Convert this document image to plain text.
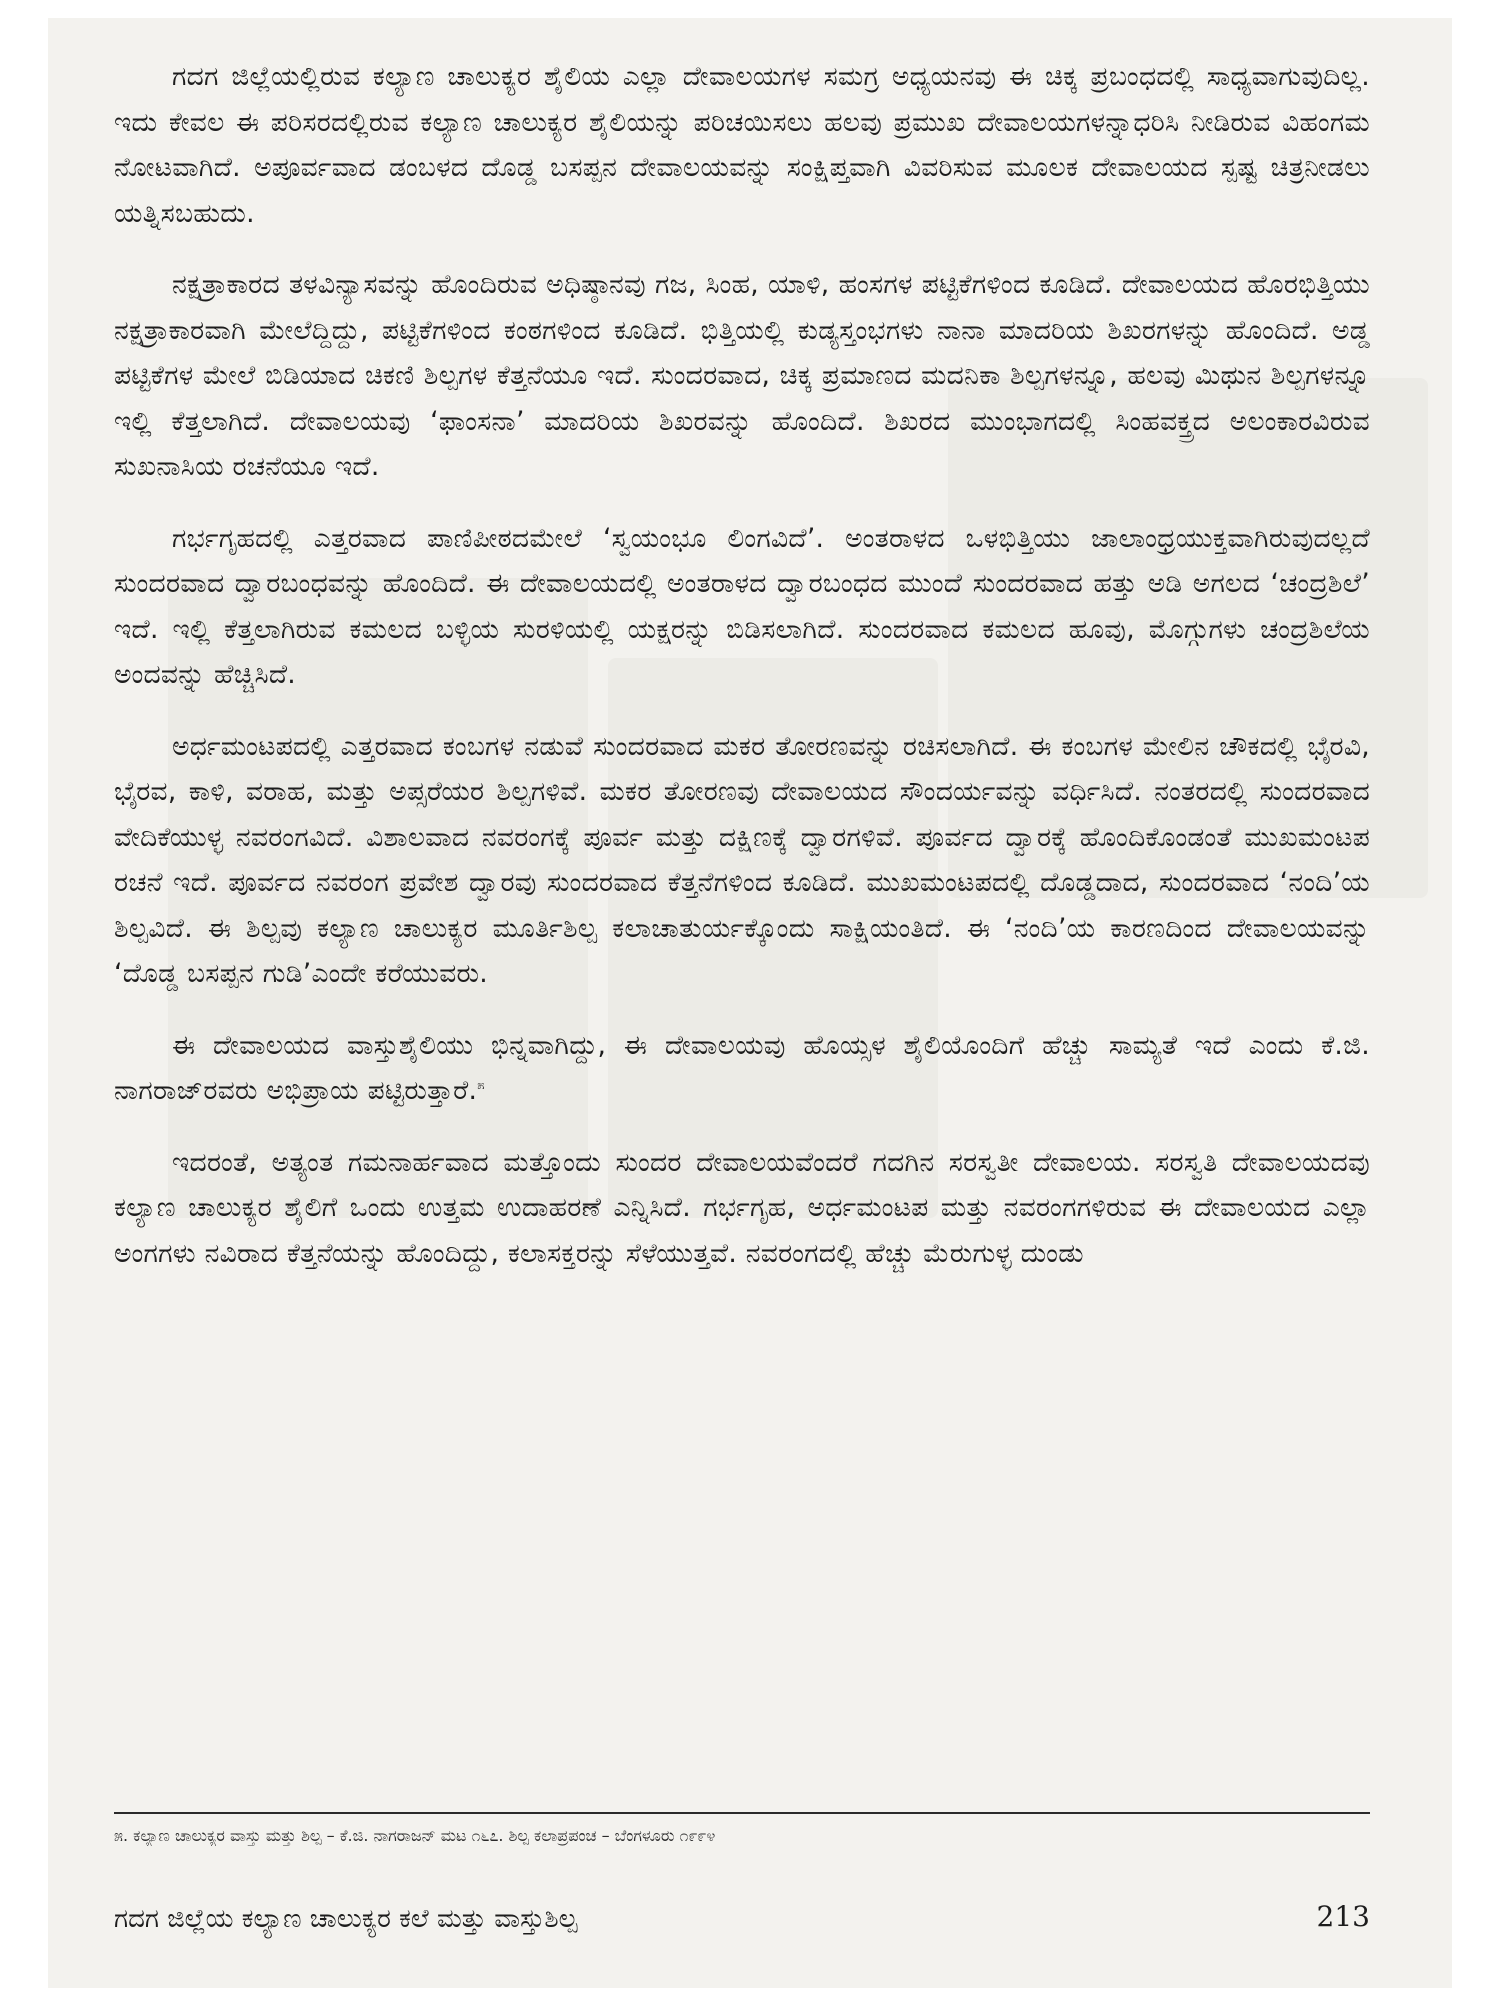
ಗದಗ ಜಿಲ್ಲೆಯಲ್ಲಿರುವ ಕಲ್ಯಾಣ ಚಾಲುಕ್ಯರ ಶೈಲಿಯ ಎಲ್ಲಾ ದೇವಾಲಯಗಳ ಸಮಗ್ರ ಅಧ್ಯಯನವು ಈ ಚಿಕ್ಕ ಪ್ರಬಂಧದಲ್ಲಿ ಸಾಧ್ಯವಾಗುವುದಿಲ್ಲ. ಇದು ಕೇವಲ ಈ ಪರಿಸರದಲ್ಲಿರುವ ಕಲ್ಯಾಣ ಚಾಲುಕ್ಯರ ಶೈಲಿಯನ್ನು ಪರಿಚಯಿಸಲು ಹಲವು ಪ್ರಮುಖ ದೇವಾಲಯಗಳನ್ನಾಧರಿಸಿ ನೀಡಿರುವ ವಿಹಂಗಮ ನೋಟವಾಗಿದೆ. ಅಪೂರ್ವವಾದ ಡಂಬಳದ ದೊಡ್ಡ ಬಸಪ್ಪನ ದೇವಾಲಯವನ್ನು ಸಂಕ್ಷಿಪ್ತವಾಗಿ ವಿವರಿಸುವ ಮೂಲಕ ದೇವಾಲಯದ ಸ್ಪಷ್ಟ ಚಿತ್ರನೀಡಲು ಯತ್ನಿಸಬಹುದು.

ನಕ್ಷತ್ರಾಕಾರದ ತಳವಿನ್ಯಾಸವನ್ನು ಹೊಂದಿರುವ ಅಧಿಷ್ಠಾನವು ಗಜ, ಸಿಂಹ, ಯಾಳಿ, ಹಂಸಗಳ ಪಟ್ಟಿಕೆಗಳಿಂದ ಕೂಡಿದೆ. ದೇವಾಲಯದ ಹೊರಭಿತ್ತಿಯು ನಕ್ಷತ್ರಾಕಾರವಾಗಿ ಮೇಲೆದ್ದಿದ್ದು, ಪಟ್ಟಿಕೆಗಳಿಂದ ಕಂಠಗಳಿಂದ ಕೂಡಿದೆ. ಭಿತ್ತಿಯಲ್ಲಿ ಕುಡ್ಯಸ್ತಂಭಗಳು ನಾನಾ ಮಾದರಿಯ ಶಿಖರಗಳನ್ನು ಹೊಂದಿದೆ. ಅಡ್ಡ ಪಟ್ಟಿಕೆಗಳ ಮೇಲೆ ಬಿಡಿಯಾದ ಚಿಕಣಿ ಶಿಲ್ಪಗಳ ಕೆತ್ತನೆಯೂ ಇದೆ. ಸುಂದರವಾದ, ಚಿಕ್ಕ ಪ್ರಮಾಣದ ಮದನಿಕಾ ಶಿಲ್ಪಗಳನ್ನೂ, ಹಲವು ಮಿಥುನ ಶಿಲ್ಪಗಳನ್ನೂ ಇಲ್ಲಿ ಕೆತ್ತಲಾಗಿದೆ. ದೇವಾಲಯವು ‘ಫಾಂಸನಾ’ ಮಾದರಿಯ ಶಿಖರವನ್ನು ಹೊಂದಿದೆ. ಶಿಖರದ ಮುಂಭಾಗದಲ್ಲಿ ಸಿಂಹವಕ್ತ್ರದ ಅಲಂಕಾರವಿರುವ ಸುಖನಾಸಿಯ ರಚನೆಯೂ ಇದೆ.

ಗರ್ಭಗೃಹದಲ್ಲಿ ಎತ್ತರವಾದ ಪಾಣಿಪೀಠದಮೇಲೆ ‘ಸ್ವಯಂಭೂ ಲಿಂಗವಿದೆ’. ಅಂತರಾಳದ ಒಳಭಿತ್ತಿಯು ಜಾಲಾಂಧ್ರಯುಕ್ತವಾಗಿರುವುದಲ್ಲದೆ ಸುಂದರವಾದ ದ್ವಾರಬಂಧವನ್ನು ಹೊಂದಿದೆ. ಈ ದೇವಾಲಯದಲ್ಲಿ ಅಂತರಾಳದ ದ್ವಾರಬಂಧದ ಮುಂದೆ ಸುಂದರವಾದ ಹತ್ತು ಅಡಿ ಅಗಲದ ‘ಚಂದ್ರಶಿಲೆ’ ಇದೆ. ಇಲ್ಲಿ ಕೆತ್ತಲಾಗಿರುವ ಕಮಲದ ಬಳ್ಳಿಯ ಸುರಳಿಯಲ್ಲಿ ಯಕ್ಷರನ್ನು ಬಿಡಿಸಲಾಗಿದೆ. ಸುಂದರವಾದ ಕಮಲದ ಹೂವು, ಮೊಗ್ಗುಗಳು ಚಂದ್ರಶಿಲೆಯ ಅಂದವನ್ನು ಹೆಚ್ಚಿಸಿದೆ.

ಅರ್ಧಮಂಟಪದಲ್ಲಿ ಎತ್ತರವಾದ ಕಂಬಗಳ ನಡುವೆ ಸುಂದರವಾದ ಮಕರ ತೋರಣವನ್ನು ರಚಿಸಲಾಗಿದೆ. ಈ ಕಂಬಗಳ ಮೇಲಿನ ಚೌಕದಲ್ಲಿ ಭೈರವಿ, ಭೈರವ, ಕಾಳಿ, ವರಾಹ, ಮತ್ತು ಅಪ್ಸರೆಯರ ಶಿಲ್ಪಗಳಿವೆ. ಮಕರ ತೋರಣವು ದೇವಾಲಯದ ಸೌಂದರ್ಯವನ್ನು ವರ್ಧಿಸಿದೆ. ನಂತರದಲ್ಲಿ ಸುಂದರವಾದ ವೇದಿಕೆಯುಳ್ಳ ನವರಂಗವಿದೆ. ವಿಶಾಲವಾದ ನವರಂಗಕ್ಕೆ ಪೂರ್ವ ಮತ್ತು ದಕ್ಷಿಣಕ್ಕೆ ದ್ವಾರಗಳಿವೆ. ಪೂರ್ವದ ದ್ವಾರಕ್ಕೆ ಹೊಂದಿಕೊಂಡಂತೆ ಮುಖಮಂಟಪ ರಚನೆ ಇದೆ. ಪೂರ್ವದ ನವರಂಗ ಪ್ರವೇಶ ದ್ವಾರವು ಸುಂದರವಾದ ಕೆತ್ತನೆಗಳಿಂದ ಕೂಡಿದೆ. ಮುಖಮಂಟಪದಲ್ಲಿ ದೊಡ್ಡದಾದ, ಸುಂದರವಾದ ‘ನಂದಿ’ಯ ಶಿಲ್ಪವಿದೆ. ಈ ಶಿಲ್ಪವು ಕಲ್ಯಾಣ ಚಾಲುಕ್ಯರ ಮೂರ್ತಿಶಿಲ್ಪ ಕಲಾಚಾತುರ್ಯಕ್ಕೊಂದು ಸಾಕ್ಷಿಯಂತಿದೆ. ಈ ‘ನಂದಿ’ಯ ಕಾರಣದಿಂದ ದೇವಾಲಯವನ್ನು ‘ದೊಡ್ಡ ಬಸಪ್ಪನ ಗುಡಿ’ಎಂದೇ ಕರೆಯುವರು.

ಈ ದೇವಾಲಯದ ವಾಸ್ತುಶೈಲಿಯು ಭಿನ್ನವಾಗಿದ್ದು, ಈ ದೇವಾಲಯವು ಹೊಯ್ಸಳ ಶೈಲಿಯೊಂದಿಗೆ ಹೆಚ್ಚು ಸಾಮ್ಯತೆ ಇದೆ ಎಂದು ಕೆ.ಜಿ. ನಾಗರಾಜ್‌ರವರು ಅಭಿಪ್ರಾಯ ಪಟ್ಟಿರುತ್ತಾರೆ.$^೫$

ಇದರಂತೆ, ಅತ್ಯಂತ ಗಮನಾರ್ಹವಾದ ಮತ್ತೊಂದು ಸುಂದರ ದೇವಾಲಯವೆಂದರೆ ಗದಗಿನ ಸರಸ್ವತೀ ದೇವಾಲಯ. ಸರಸ್ವತಿ ದೇವಾಲಯದವು ಕಲ್ಯಾಣ ಚಾಲುಕ್ಯರ ಶೈಲಿಗೆ ಒಂದು ಉತ್ತಮ ಉದಾಹರಣೆ ಎನ್ನಿಸಿದೆ. ಗರ್ಭಗೃಹ, ಅರ್ಧಮಂಟಪ ಮತ್ತು ನವರಂಗಗಳಿರುವ ಈ ದೇವಾಲಯದ ಎಲ್ಲಾ ಅಂಗಗಳು ನವಿರಾದ ಕೆತ್ತನೆಯನ್ನು ಹೊಂದಿದ್ದು, ಕಲಾಸಕ್ತರನ್ನು ಸೆಳೆಯುತ್ತವೆ. ನವರಂಗದಲ್ಲಿ ಹೆಚ್ಚು ಮೆರುಗುಳ್ಳ ದುಂಡು

೫. ಕಲ್ಯಾಣ ಚಾಲುಕ್ಯರ ವಾಸ್ತು ಮತ್ತು ಶಿಲ್ಪ – ಕೆ.ಜಿ. ನಾಗರಾಜನ್ ಮಟ ೧೬೭. ಶಿಲ್ಪ ಕಲಾಪ್ರಪಂಚ – ಬೆಂಗಳೂರು ೧೯೯೪
ಗದಗ ಜಿಲ್ಲೆಯ ಕಲ್ಯಾಣ ಚಾಲುಕ್ಯರ ಕಲೆ ಮತ್ತು ವಾಸ್ತುಶಿಲ್ಪ	213
